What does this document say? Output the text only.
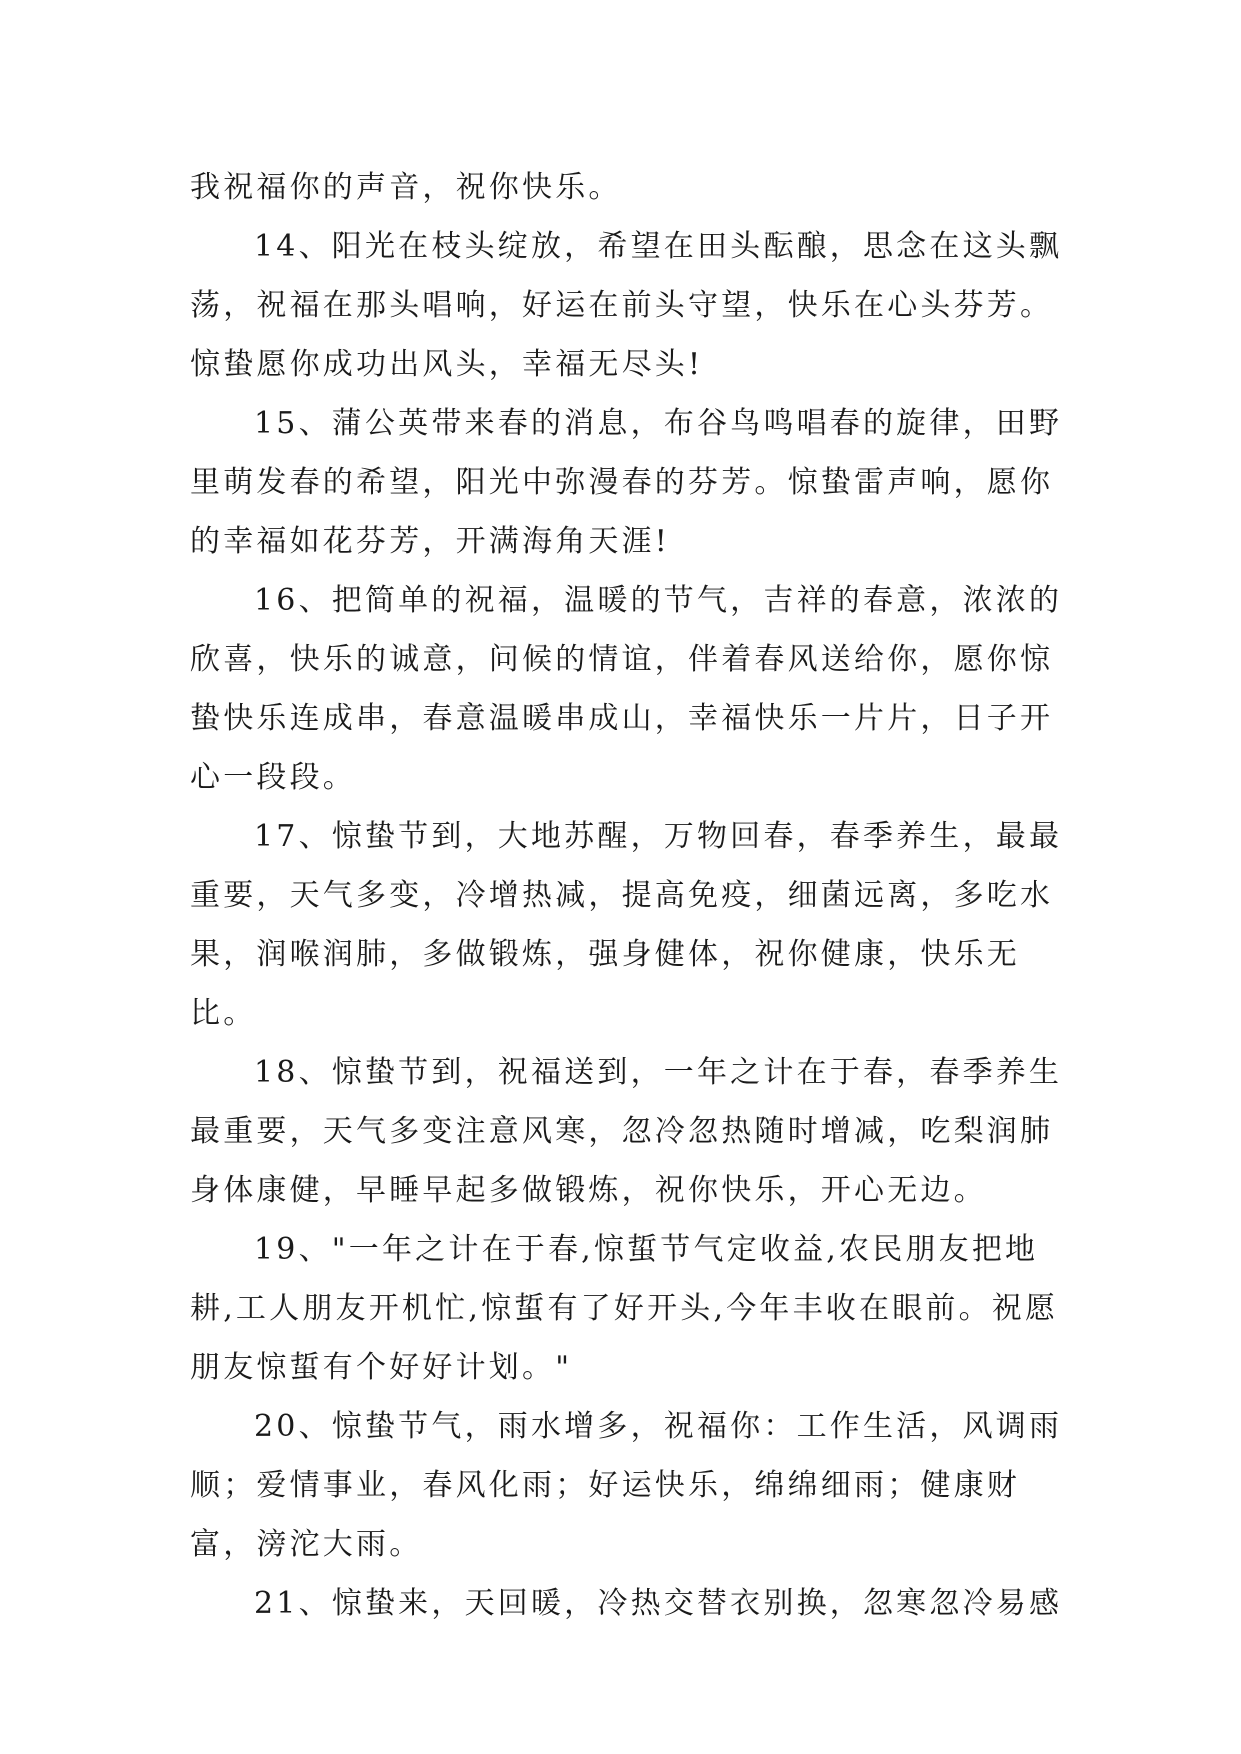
我祝福你的声音，祝你快乐。

14、阳光在枝头绽放，希望在田头酝酿，思念在这头飘荡，祝福在那头唱响，好运在前头守望，快乐在心头芬芳。惊蛰愿你成功出风头，幸福无尽头!

15、蒲公英带来春的消息，布谷鸟鸣唱春的旋律，田野里萌发春的希望，阳光中弥漫春的芬芳。惊蛰雷声响，愿你的幸福如花芬芳，开满海角天涯!

16、把简单的祝福，温暖的节气，吉祥的春意，浓浓的欣喜，快乐的诚意，问候的情谊，伴着春风送给你，愿你惊蛰快乐连成串，春意温暖串成山，幸福快乐一片片，日子开心一段段。

17、惊蛰节到，大地苏醒，万物回春，春季养生，最最重要，天气多变，冷增热减，提高免疫，细菌远离，多吃水果，润喉润肺，多做锻炼，强身健体，祝你健康，快乐无比。

18、惊蛰节到，祝福送到，一年之计在于春，春季养生最重要，天气多变注意风寒，忽冷忽热随时增减，吃梨润肺身体康健，早睡早起多做锻炼，祝你快乐，开心无边。

19、"一年之计在于春,惊蜇节气定收益,农民朋友把地耕,工人朋友开机忙,惊蜇有了好开头,今年丰收在眼前。祝愿朋友惊蜇有个好好计划。"

20、惊蛰节气，雨水增多，祝福你：工作生活，风调雨顺；爱情事业，春风化雨；好运快乐，绵绵细雨；健康财富，滂沱大雨。

21、惊蛰来，天回暖，冷热交替衣别换，忽寒忽冷易感
